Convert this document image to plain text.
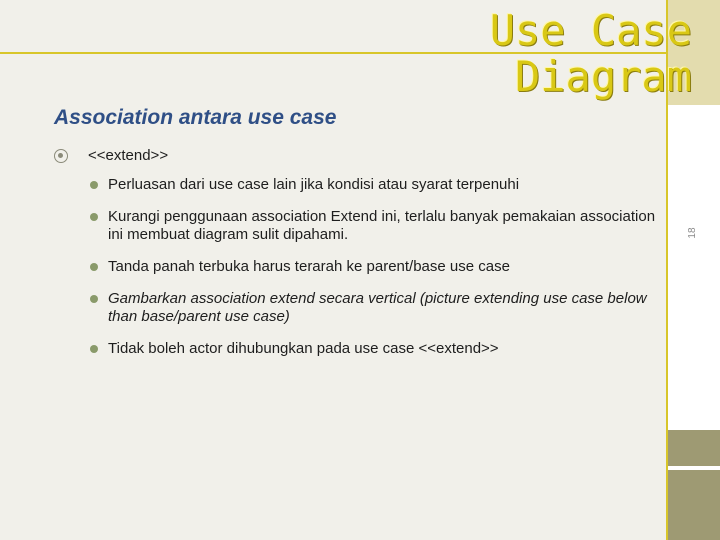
18
Use Case Diagram
Association antara use case
<<extend>>
Perluasan dari use case lain jika kondisi atau syarat terpenuhi
Kurangi penggunaan association Extend ini, terlalu banyak pemakaian association ini membuat diagram sulit dipahami.
Tanda panah terbuka harus terarah ke parent/base use case
Gambarkan association extend secara vertical (picture extending use case below than base/parent use case)
Tidak boleh actor dihubungkan pada use case <<extend>>
